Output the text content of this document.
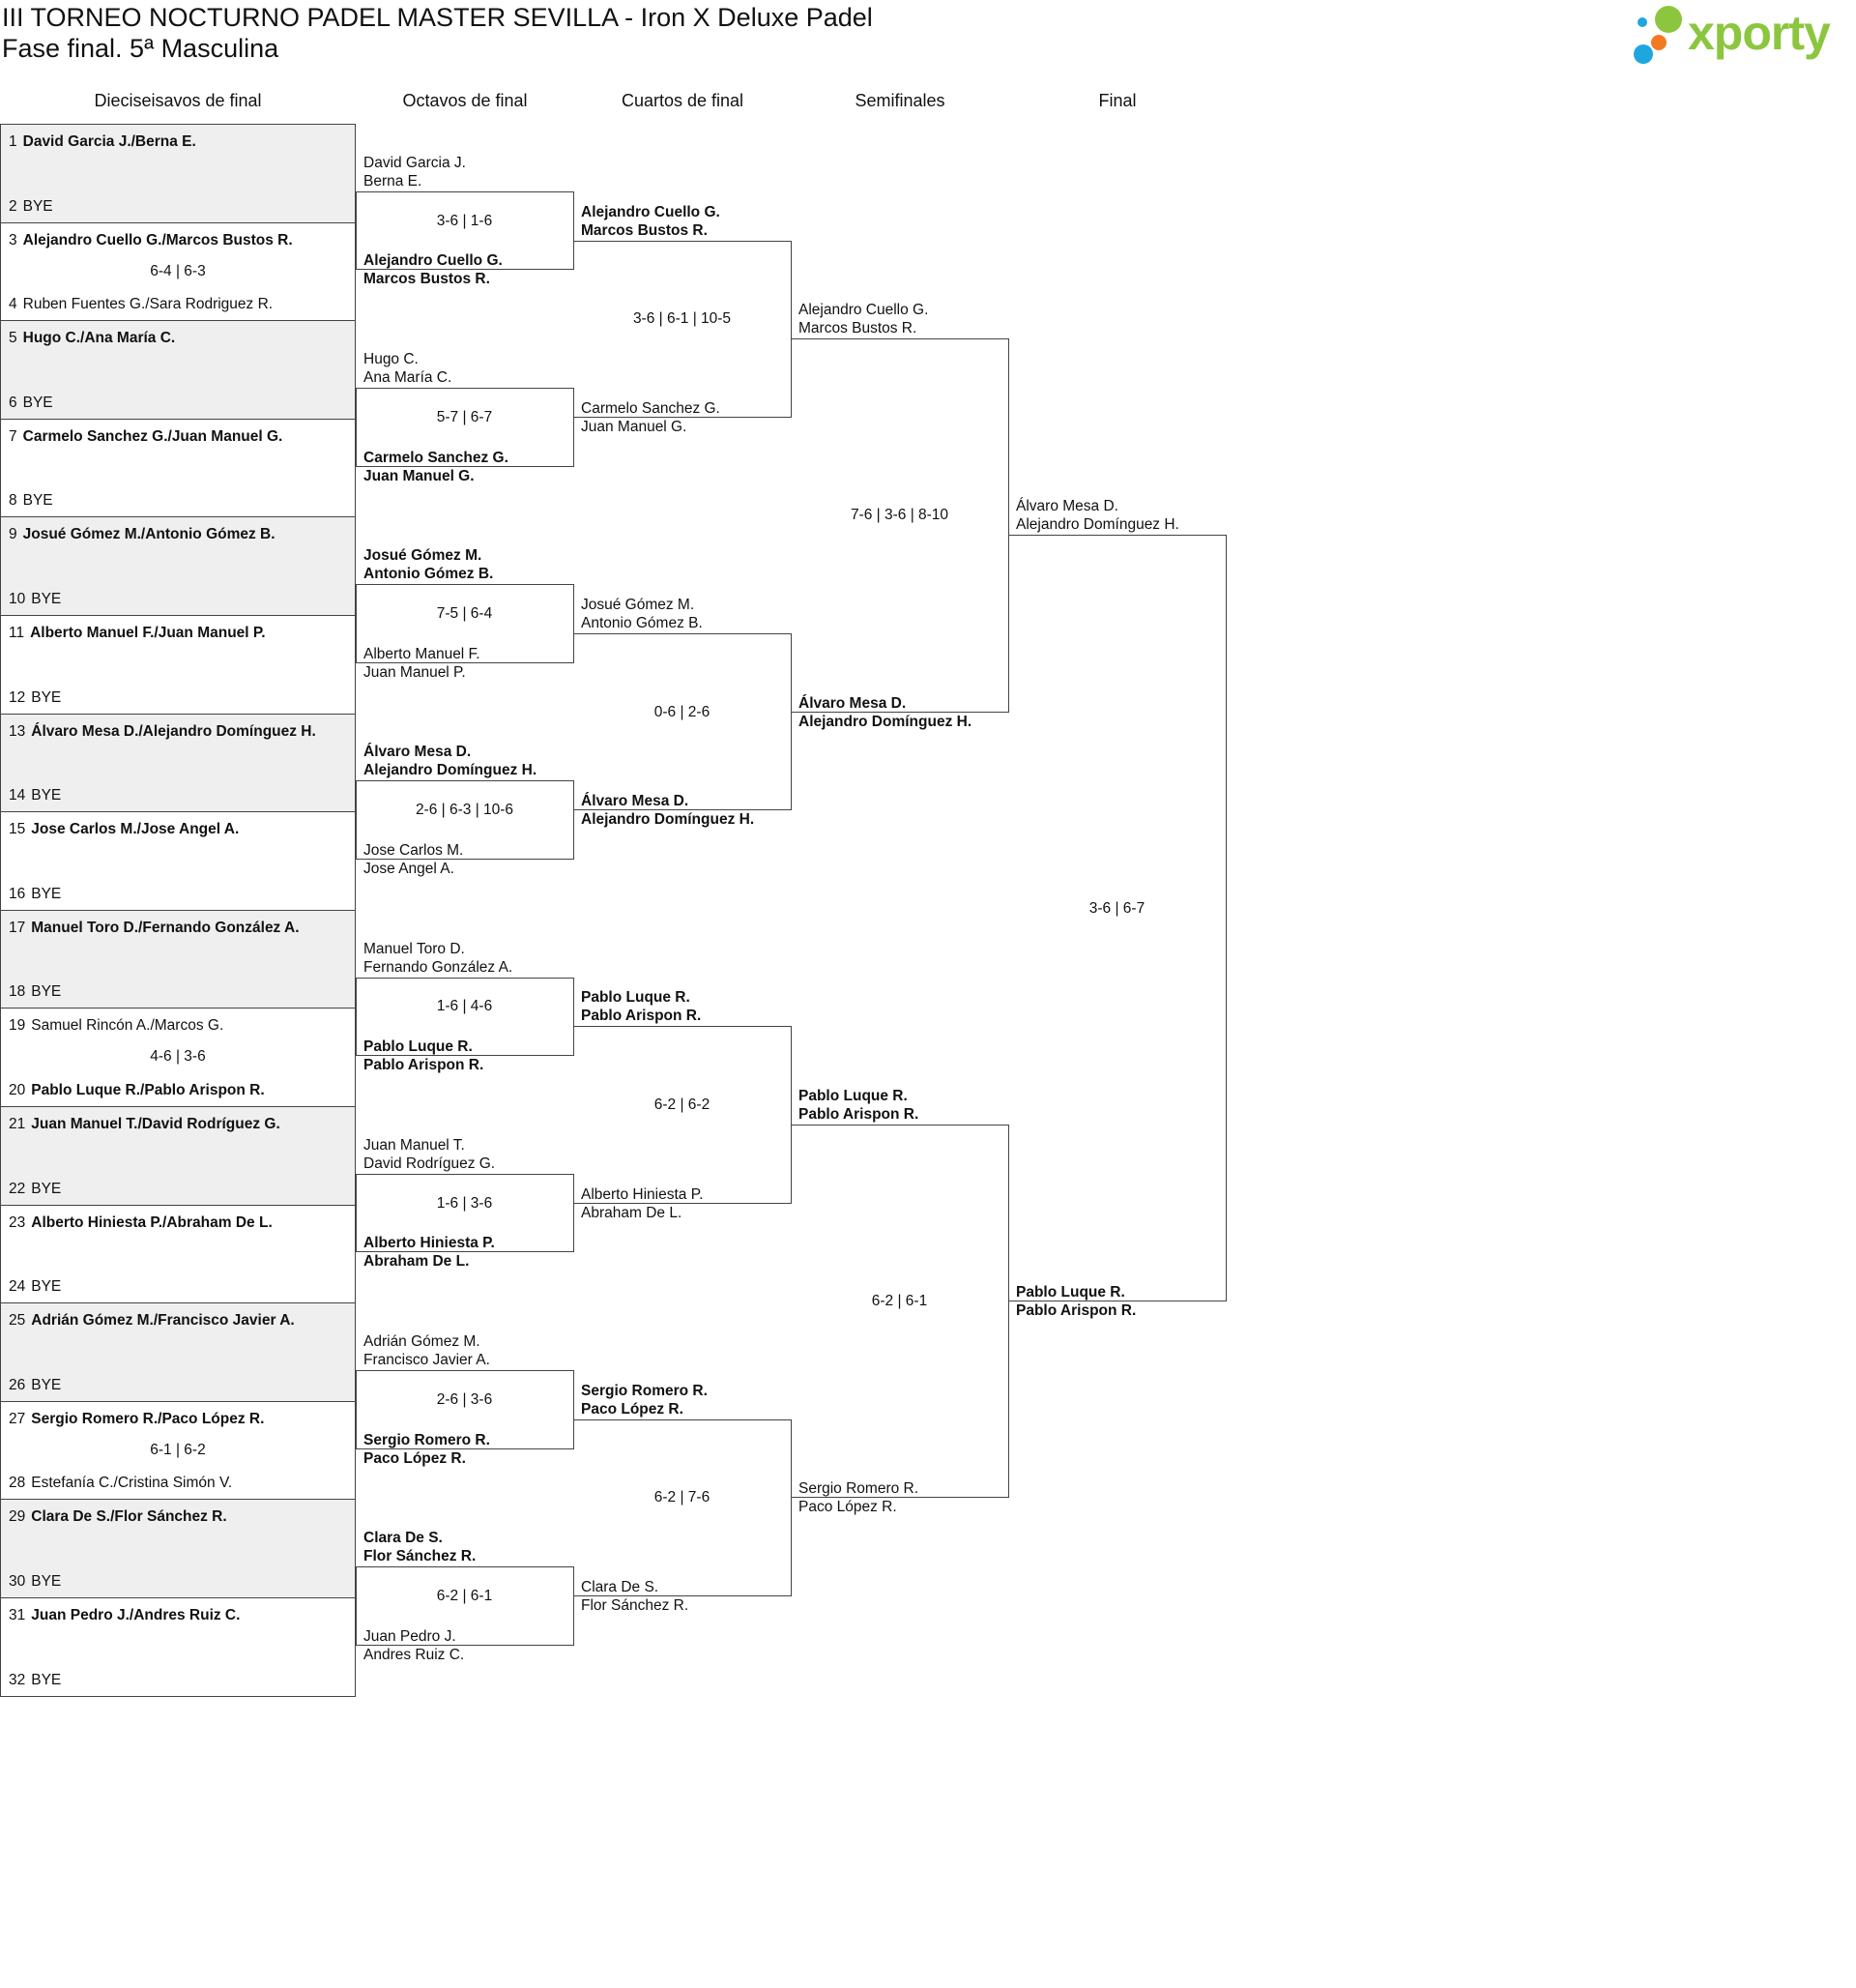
III TORNEO NOCTURNO PADEL MASTER SEVILLA - Iron X Deluxe Padel
Fase final. 5ª Masculina	xporty
Dieciseisavos de final	Octavos de final	Cuartos de final	Semifinales	Final
1 David Garcia J./Berna E.
2 BYE
3 Alejandro Cuello G./Marcos Bustos R.
4 Ruben Fuentes G./Sara Rodriguez R.
6-4 | 6-3
5 Hugo C./Ana María C.
6 BYE
7 Carmelo Sanchez G./Juan Manuel G.
8 BYE
9 Josué Gómez M./Antonio Gómez B.
10 BYE
11 Alberto Manuel F./Juan Manuel P.
12 BYE
13 Álvaro Mesa D./Alejandro Domínguez H.
14 BYE
15 Jose Carlos M./Jose Angel A.
16 BYE
17 Manuel Toro D./Fernando González A.
18 BYE
19 Samuel Rincón A./Marcos G.
20 Pablo Luque R./Pablo Arispon R.
4-6 | 3-6
21 Juan Manuel T./David Rodríguez G.
22 BYE
23 Alberto Hiniesta P./Abraham De L.
24 BYE
25 Adrián Gómez M./Francisco Javier A.
26 BYE
27 Sergio Romero R./Paco López R.
28 Estefanía C./Cristina Simón V.
6-1 | 6-2
29 Clara De S./Flor Sánchez R.
30 BYE
31 Juan Pedro J./Andres Ruiz C.
32 BYE
David Garcia J.
Berna E.
Alejandro Cuello G.
Marcos Bustos R.
3-6 | 1-6
Hugo C.
Ana María C.
Carmelo Sanchez G.
Juan Manuel G.
5-7 | 6-7
Josué Gómez M.
Antonio Gómez B.
Alberto Manuel F.
Juan Manuel P.
7-5 | 6-4
Álvaro Mesa D.
Alejandro Domínguez H.
Jose Carlos M.
Jose Angel A.
2-6 | 6-3 | 10-6
Manuel Toro D.
Fernando González A.
Pablo Luque R.
Pablo Arispon R.
1-6 | 4-6
Juan Manuel T.
David Rodríguez G.
Alberto Hiniesta P.
Abraham De L.
1-6 | 3-6
Adrián Gómez M.
Francisco Javier A.
Sergio Romero R.
Paco López R.
2-6 | 3-6
Clara De S.
Flor Sánchez R.
Juan Pedro J.
Andres Ruiz C.
6-2 | 6-1
Alejandro Cuello G.
Marcos Bustos R.
Carmelo Sanchez G.
Juan Manuel G.
3-6 | 6-1 | 10-5
Josué Gómez M.
Antonio Gómez B.
Álvaro Mesa D.
Alejandro Domínguez H.
0-6 | 2-6
Pablo Luque R.
Pablo Arispon R.
Alberto Hiniesta P.
Abraham De L.
6-2 | 6-2
Sergio Romero R.
Paco López R.
Clara De S.
Flor Sánchez R.
6-2 | 7-6
Alejandro Cuello G.
Marcos Bustos R.
Álvaro Mesa D.
Alejandro Domínguez H.
7-6 | 3-6 | 8-10
Pablo Luque R.
Pablo Arispon R.
Sergio Romero R.
Paco López R.
6-2 | 6-1
Álvaro Mesa D.
Alejandro Domínguez H.
Pablo Luque R.
Pablo Arispon R.
3-6 | 6-7
